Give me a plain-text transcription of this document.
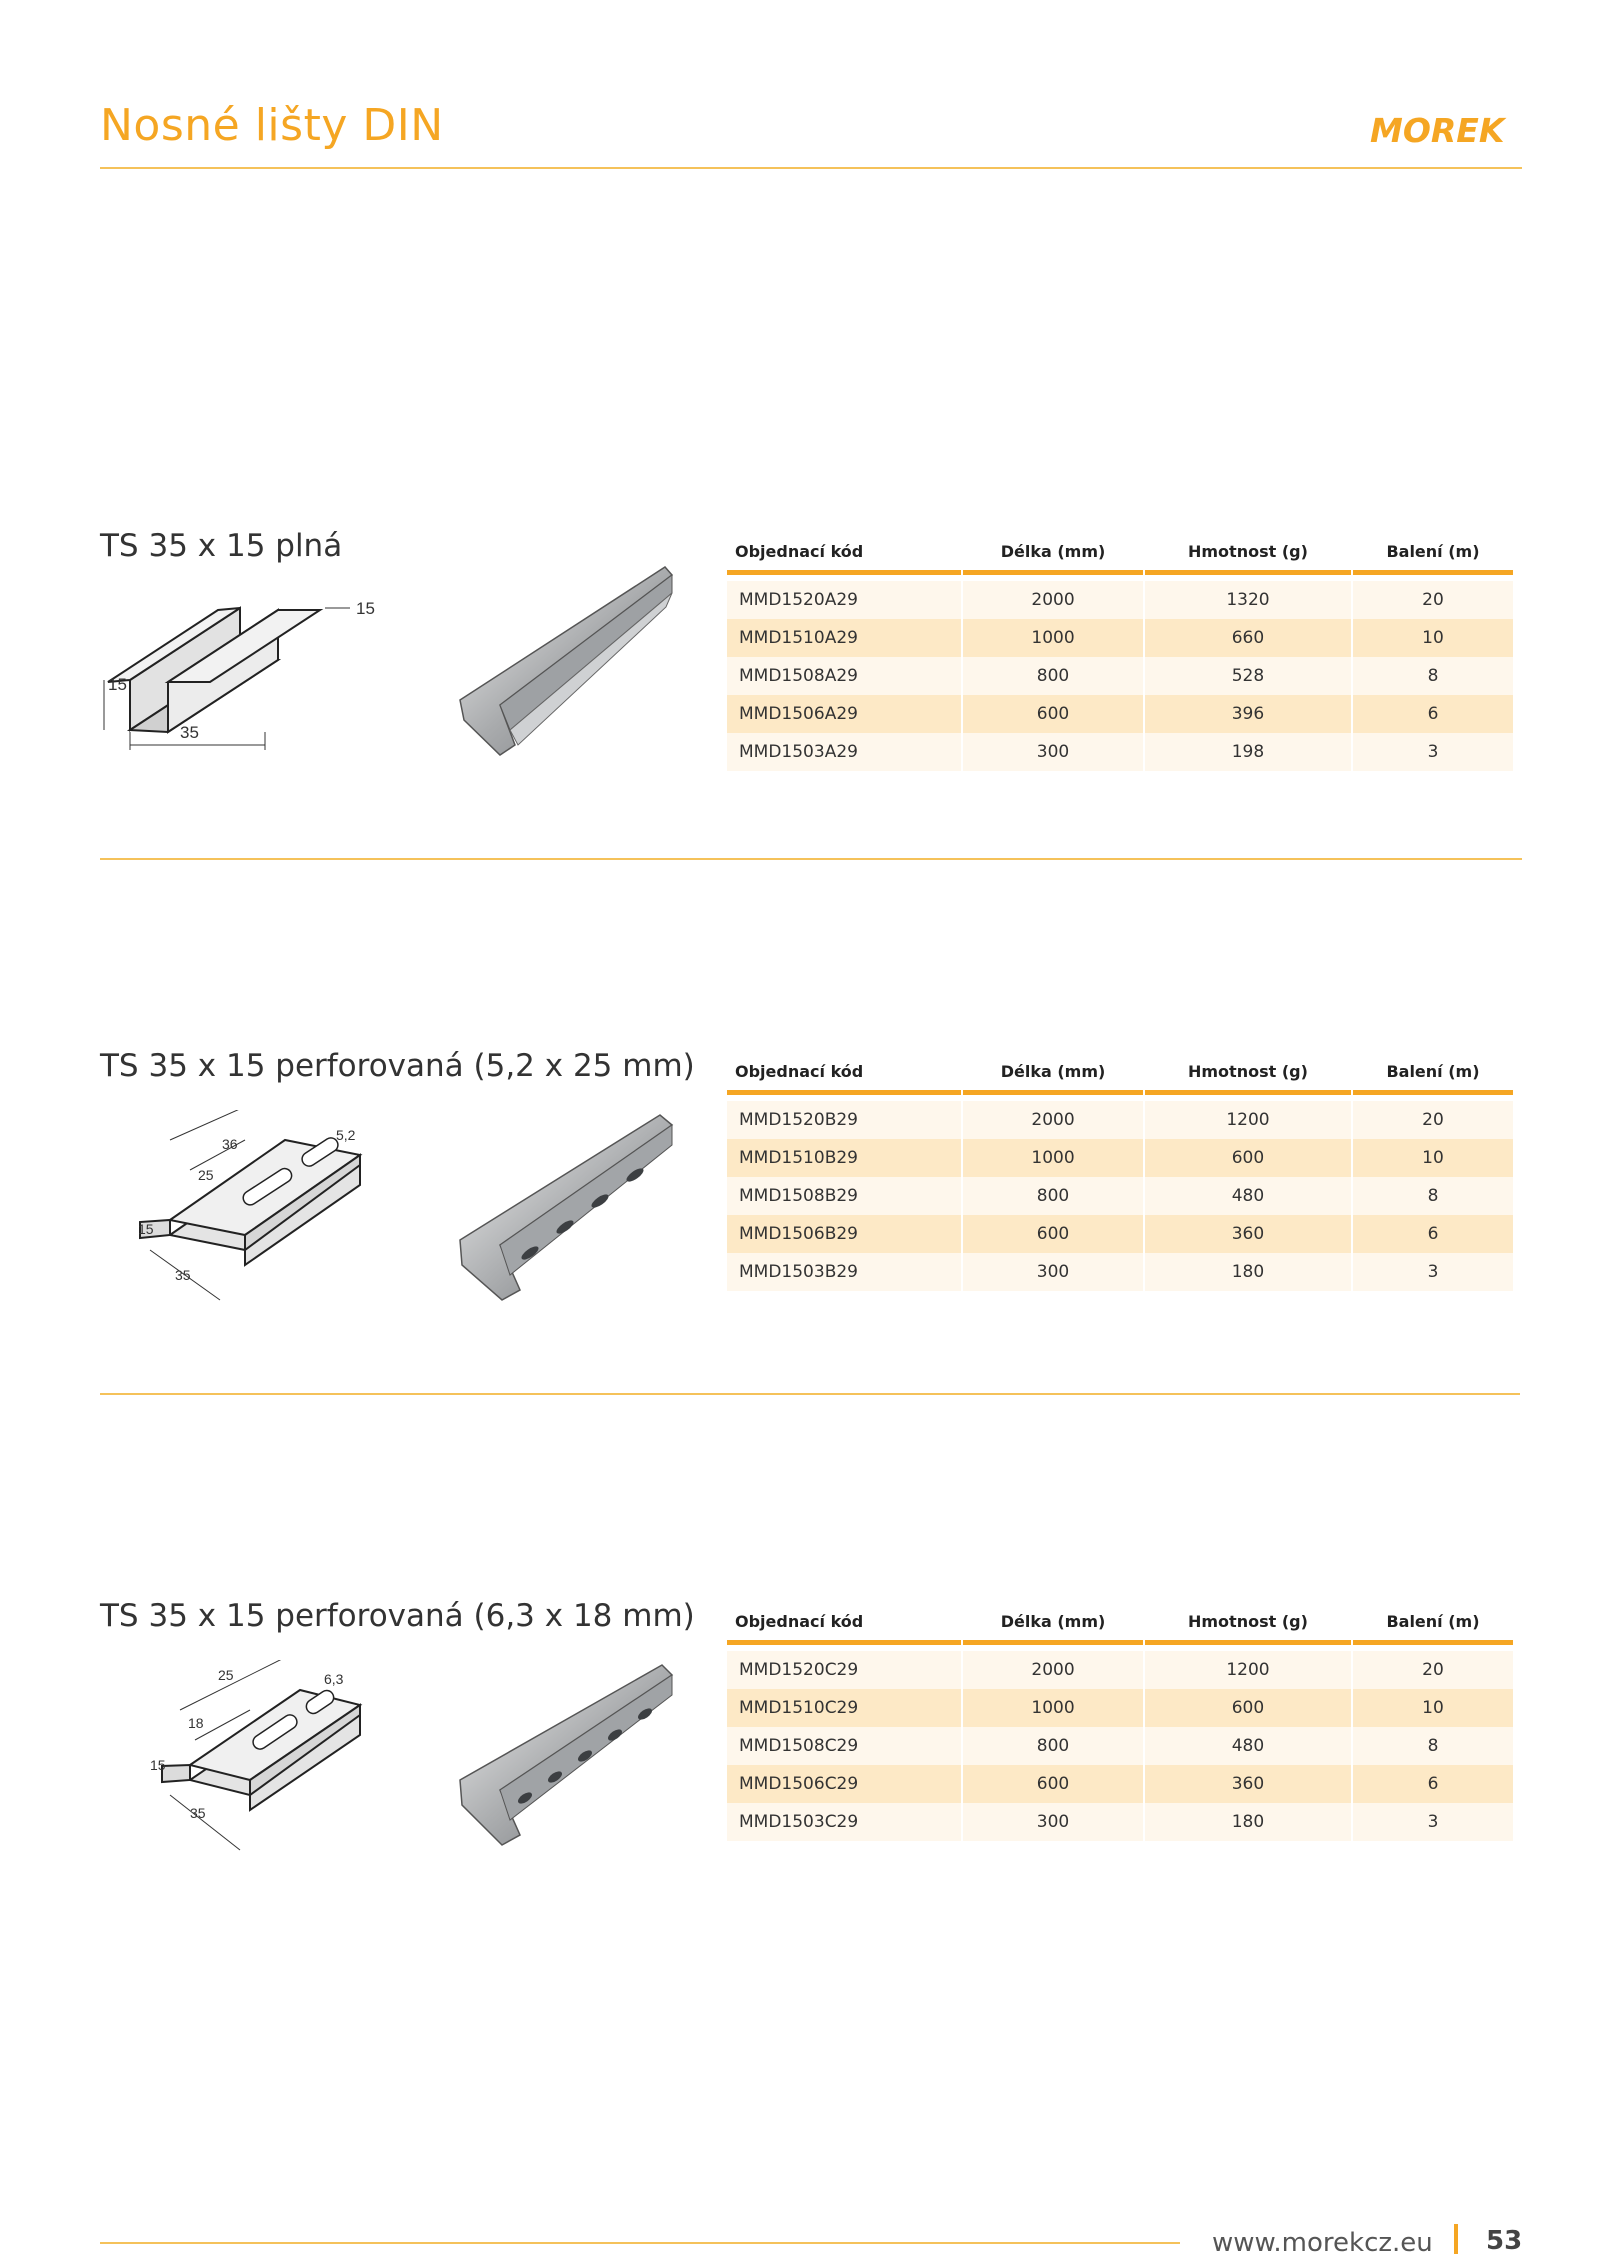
Nosné lišty DIN	MOREK
TS 35 x 15 plná
15
35
15
Objednací kód	Délka (mm)	Hmotnost (g)	Balení (m)

MMD1520A29	2000	1320	20
MMD1510A29	1000	660	10
MMD1508A29	800	528	8
MMD1506A29	600	396	6
MMD1503A29	300	198	3
TS 35 x 15 perforovaná (5,2 x 25 mm)
36
25
5,2
15
35
Objednací kód	Délka (mm)	Hmotnost (g)	Balení (m)

MMD1520B29	2000	1200	20
MMD1510B29	1000	600	10
MMD1508B29	800	480	8
MMD1506B29	600	360	6
MMD1503B29	300	180	3
TS 35 x 15 perforovaná (6,3 x 18 mm)
25
18
6,3
15
35
Objednací kód	Délka (mm)	Hmotnost (g)	Balení (m)

MMD1520C29	2000	1200	20
MMD1510C29	1000	600	10
MMD1508C29	800	480	8
MMD1506C29	600	360	6
MMD1503C29	300	180	3
www.morekcz.eu 53
